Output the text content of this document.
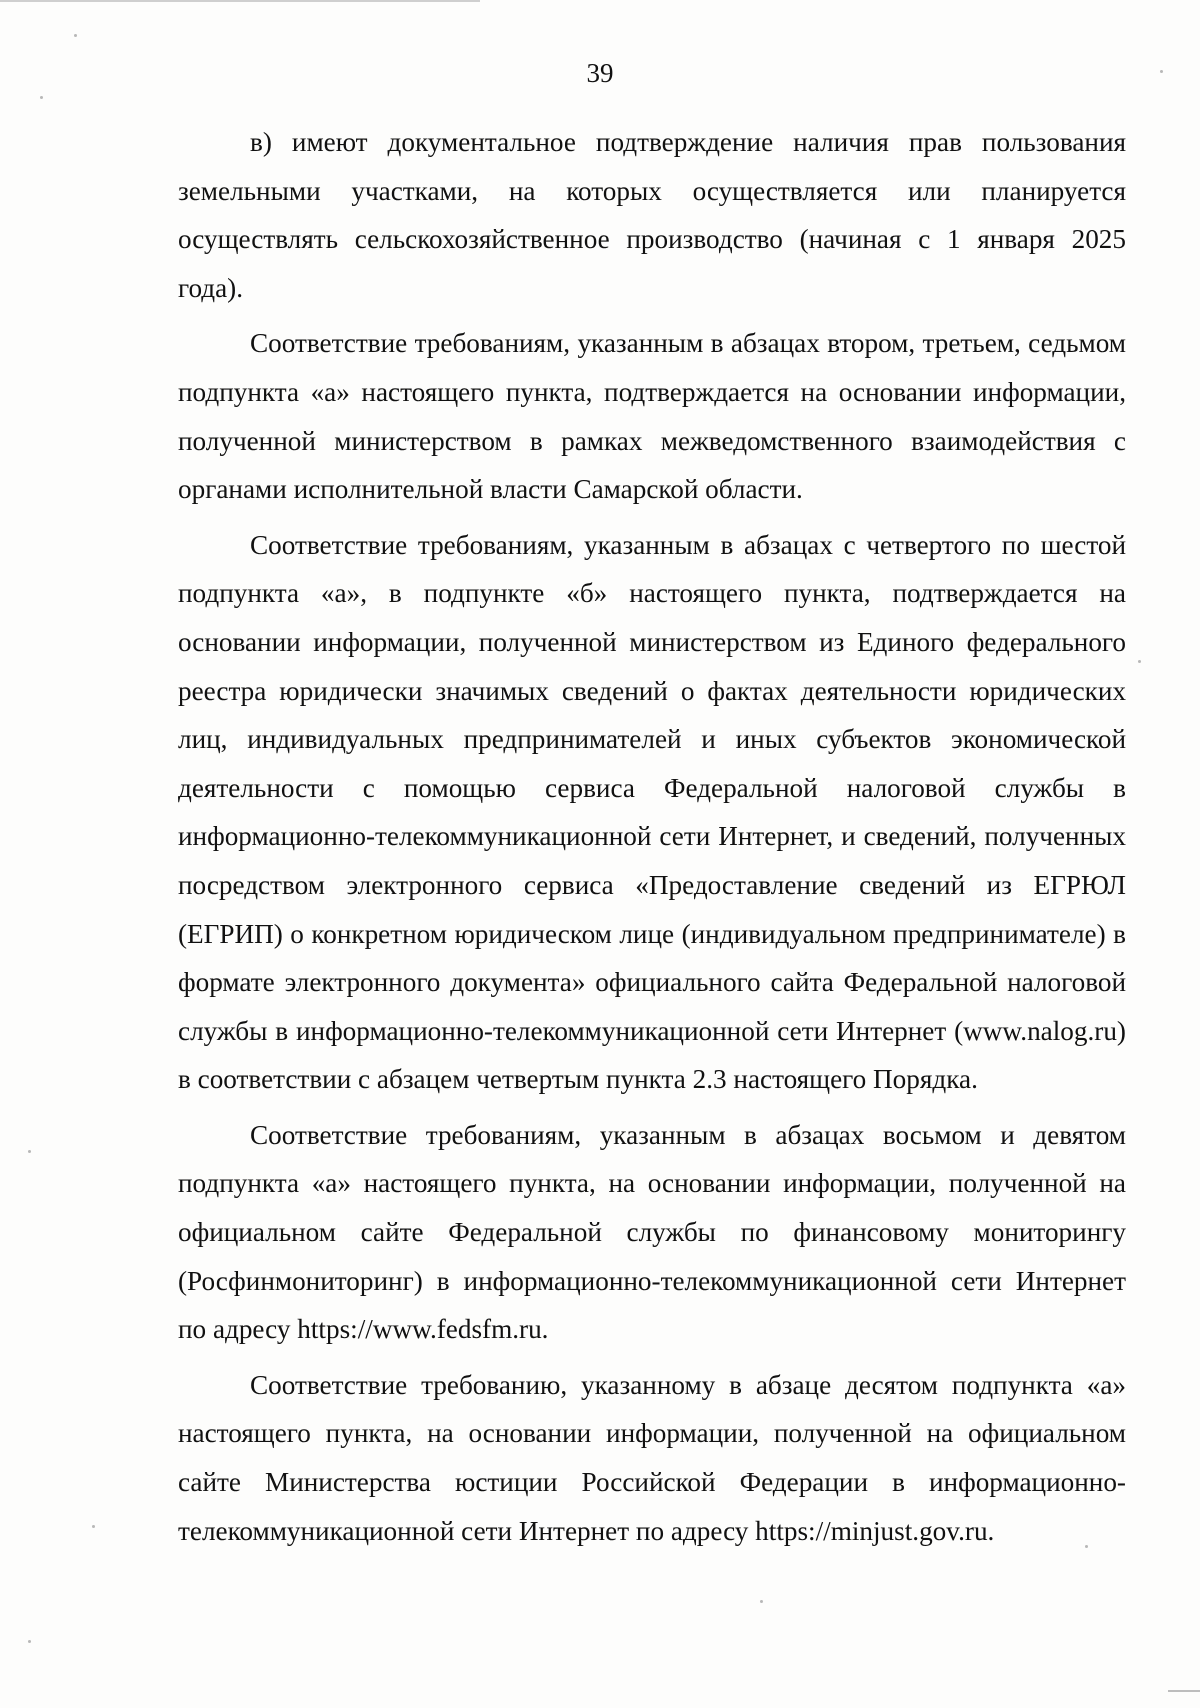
39

в) имеют документальное подтверждение наличия прав пользования земельными участками, на которых осуществляется или планируется осуществлять сельскохозяйственное производство (начиная с 1 января 2025 года).

Соответствие требованиям, указанным в абзацах втором, третьем, седьмом подпункта «а» настоящего пункта, подтверждается на основании информации, полученной министерством в рамках межведомственного взаимодействия с органами исполнительной власти Самарской области.

Соответствие требованиям, указанным в абзацах с четвертого по шестой подпункта «а», в подпункте «б» настоящего пункта, подтверждается на основании информации, полученной министерством из Единого федерального реестра юридически значимых сведений о фактах деятельности юридических лиц, индивидуальных предпринимателей и иных субъектов экономической деятельности с помощью сервиса Федеральной налоговой службы в информационно-телекоммуникационной сети Интернет, и сведений, полученных посредством электронного сервиса «Предоставление сведений из ЕГРЮЛ (ЕГРИП) о конкретном юридическом лице (индивидуальном предпринимателе) в формате электронного документа» официального сайта Федеральной налоговой службы в информационно-телекоммуникационной сети Интернет (www.nalog.ru) в соответствии с абзацем четвертым пункта 2.3 настоящего Порядка.

Соответствие требованиям, указанным в абзацах восьмом и девятом подпункта «а» настоящего пункта, на основании информации, полученной на официальном сайте Федеральной службы по финансовому мониторингу (Росфинмониторинг) в информационно-телекоммуникационной сети Интернет по адресу https://www.fedsfm.ru.

Соответствие требованию, указанному в абзаце десятом подпункта «а» настоящего пункта, на основании информации, полученной на официальном сайте Министерства юстиции Российской Федерации в информационно-телекоммуникационной сети Интернет по адресу https://minjust.gov.ru.
